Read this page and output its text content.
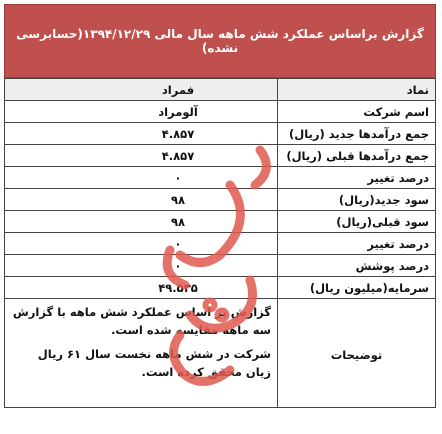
گزارش براساس عملکرد شش ماهه سال مالی ۱۳۹۴/۱۲/۲۹(حسابرسی نشده)
نماد	فمراد
اسم شرکت	آلومراد
جمع درآمدها جدید (ریال)	۴.۸۵۷
جمع درآمدها قبلی (ریال)	۴.۸۵۷
درصد تغییر	۰
سود جدید(ریال)	۹۸
سود قبلی(ریال)	۹۸
درصد تغییر	۰
درصد پوشش	۰
سرمایه(میلیون ریال)	۴۹.۵۳۵
توضیحات	گزارش بر اساس عملکرد شش ماهه با گزارش سه ماهه مقایسه شده است.
شرکت در شش ماهه نخست سال ۶۱ ریال زیان محقق کرده است.
